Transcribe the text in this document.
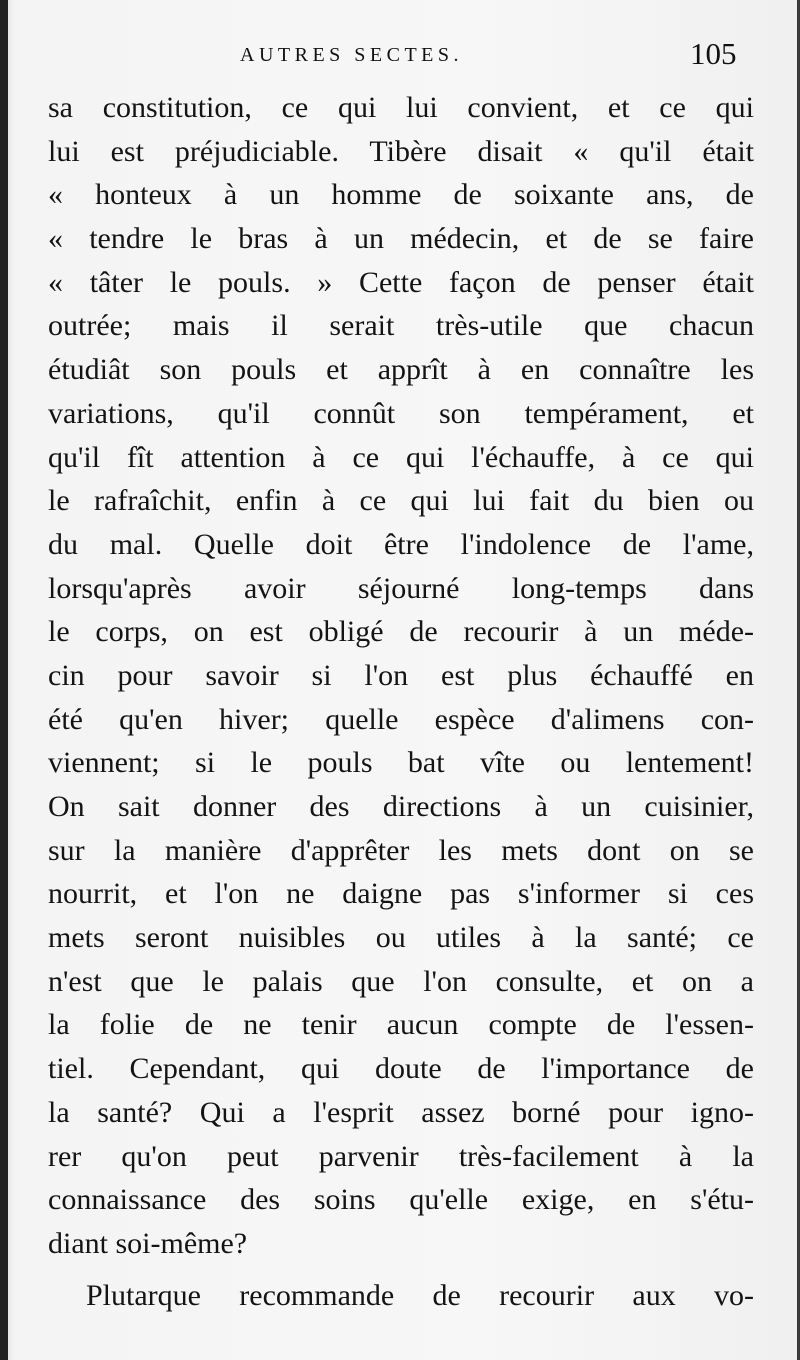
AUTRES SECTES.	105
sa constitution, ce qui lui convient, et ce qui
lui est préjudiciable. Tibère disait « qu'il était
« honteux à un homme de soixante ans, de
« tendre le bras à un médecin, et de se faire
« tâter le pouls. » Cette façon de penser était
outrée; mais il serait très-utile que chacun
étudiât son pouls et apprît à en connaître les
variations, qu'il connût son tempérament, et
qu'il fît attention à ce qui l'échauffe, à ce qui
le rafraîchit, enfin à ce qui lui fait du bien ou
du mal. Quelle doit être l'indolence de l'ame,
lorsqu'après avoir séjourné long-temps dans
le corps, on est obligé de recourir à un méde-
cin pour savoir si l'on est plus échauffé en
été qu'en hiver; quelle espèce d'alimens con-
viennent; si le pouls bat vîte ou lentement!
On sait donner des directions à un cuisinier,
sur la manière d'apprêter les mets dont on se
nourrit, et l'on ne daigne pas s'informer si ces
mets seront nuisibles ou utiles à la santé; ce
n'est que le palais que l'on consulte, et on a
la folie de ne tenir aucun compte de l'essen-
tiel. Cependant, qui doute de l'importance de
la santé? Qui a l'esprit assez borné pour igno-
rer qu'on peut parvenir très-facilement à la
connaissance des soins qu'elle exige, en s'étu-
diant soi-même?
Plutarque recommande de recourir aux vo-
